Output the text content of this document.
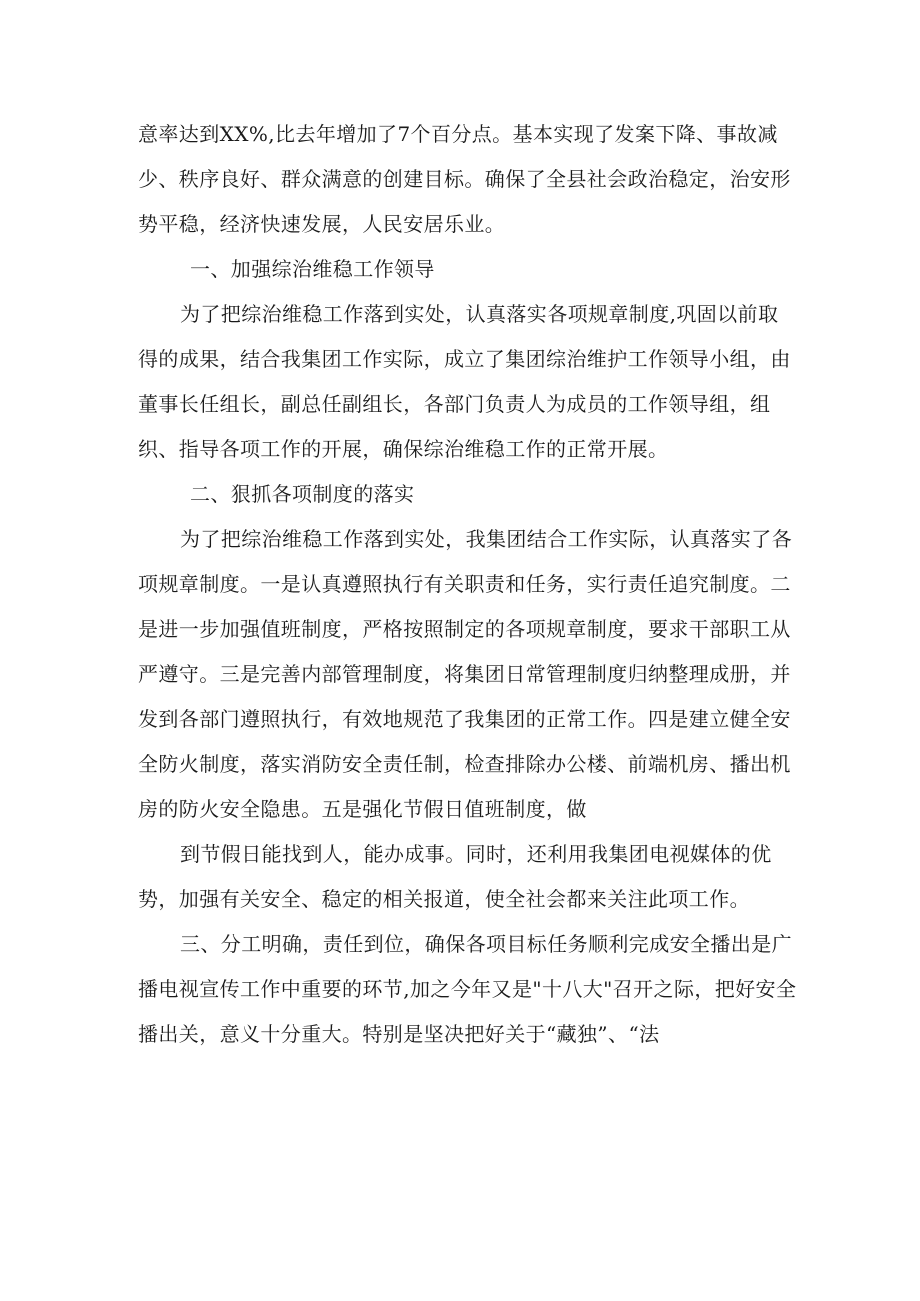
意率达到XX%,比去年增加了7个百分点。基本实现了发案下降、事故减少、秩序良好、群众满意的创建目标。确保了全县社会政治稳定，治安形势平稳，经济快速发展，人民安居乐业。

一、加强综治维稳工作领导

为了把综治维稳工作落到实处，认真落实各项规章制度,巩固以前取得的成果，结合我集团工作实际，成立了集团综治维护工作领导小组，由董事长任组长，副总任副组长，各部门负责人为成员的工作领导组，组织、指导各项工作的开展，确保综治维稳工作的正常开展。

二、狠抓各项制度的落实

为了把综治维稳工作落到实处，我集团结合工作实际，认真落实了各项规章制度。一是认真遵照执行有关职责和任务，实行责任追究制度。二是进一步加强值班制度，严格按照制定的各项规章制度，要求干部职工从严遵守。三是完善内部管理制度，将集团日常管理制度归纳整理成册，并发到各部门遵照执行，有效地规范了我集团的正常工作。四是建立健全安全防火制度，落实消防安全责任制，检查排除办公楼、前端机房、播出机房的防火安全隐患。五是强化节假日值班制度，做

到节假日能找到人，能办成事。同时，还利用我集团电视媒体的优势，加强有关安全、稳定的相关报道，使全社会都来关注此项工作。

三、分工明确，责任到位，确保各项目标任务顺利完成安全播出是广播电视宣传工作中重要的环节,加之今年又是"十八大"召开之际，把好安全播出关，意义十分重大。特别是坚决把好关于“藏独”、“法
